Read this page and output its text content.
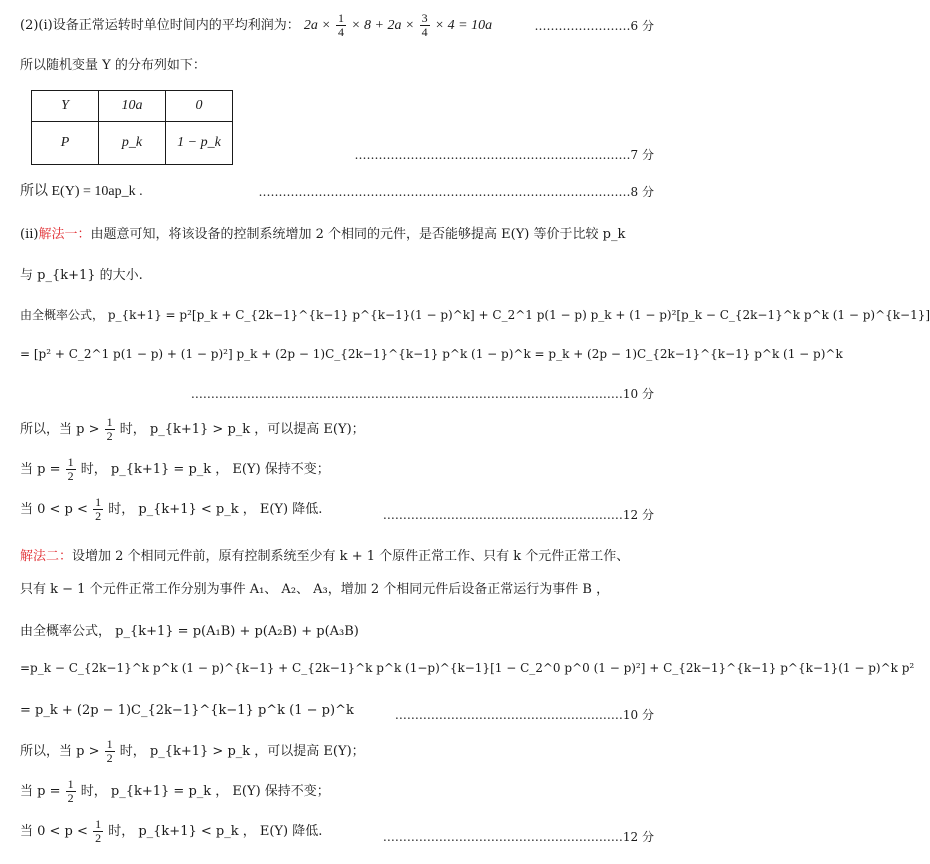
(2)(i)设备正常运转时单位时间内的平均利润为： $2a \times \frac{1}{4} \times 8 + 2a \times \frac{3}{4} \times 4 = 10a$	……………………6 分
所以随机变量 Y 的分布列如下：
Y	10a	0
P	p_k	1 − p_k
……………………………………………………………7 分
所以 E(Y) = 10ap_k .	…………………………………………………………………………………8 分
(ii)解法一：由题意可知，将该设备的控制系统增加 2 个相同的元件，是否能够提高 E(Y) 等价于比较 p_k
与 p_{k+1} 的大小.
由全概率公式， p_{k+1} = p²[p_k + C_{2k−1}^{k−1} p^{k−1}(1 − p)^k] + C_2^1 p(1 − p) p_k + (1 − p)²[p_k − C_{2k−1}^k p^k (1 − p)^{k−1}]
= [p² + C_2^1 p(1 − p) + (1 − p)²] p_k + (2p − 1)C_{2k−1}^{k−1} p^k (1 − p)^k = p_k + (2p − 1)C_{2k−1}^{k−1} p^k (1 − p)^k
………………………………………………………………………………………………10 分
所以，当 $p > \frac{1}{2}$ 时， p_{k+1} > p_k ，可以提高 E(Y)；
当 $p = \frac{1}{2}$ 时， p_{k+1} = p_k ， E(Y) 保持不变；
当 $0 < p < \frac{1}{2}$ 时， p_{k+1} < p_k ， E(Y) 降低.	……………………………………………………12 分
解法二：设增加 2 个相同元件前，原有控制系统至少有 k + 1 个原件正常工作、只有 k 个元件正常工作、
只有 k − 1 个元件正常工作分别为事件 A₁、 A₂、 A₃，增加 2 个相同元件后设备正常运行为事件 B ，
由全概率公式， p_{k+1} = p(A₁B) + p(A₂B) + p(A₃B)
=p_k − C_{2k−1}^k p^k (1 − p)^{k−1} + C_{2k−1}^k p^k (1−p)^{k−1}[1 − C_2^0 p^0 (1 − p)²] + C_{2k−1}^{k−1} p^{k−1}(1 − p)^k p²
= p_k + (2p − 1)C_{2k−1}^{k−1} p^k (1 − p)^k	…………………………………………………10 分
所以，当 $p > \frac{1}{2}$ 时， p_{k+1} > p_k ，可以提高 E(Y)；
当 $p = \frac{1}{2}$ 时， p_{k+1} = p_k ， E(Y) 保持不变；
当 $0 < p < \frac{1}{2}$ 时， p_{k+1} < p_k ， E(Y) 降低.	……………………………………………………12 分
